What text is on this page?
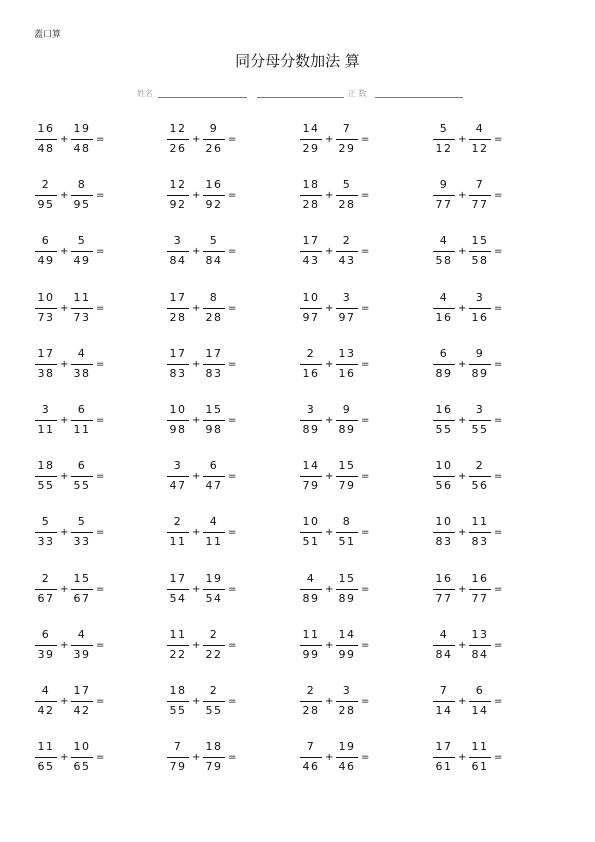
蓋口算
同分母分数加法 算
姓名	正 数
16
48
+
19
48
=
12
26
+
9
26
=
14
29
+
7
29
=
5
12
+
4
12
=
2
95
+
8
95
=
12
92
+
16
92
=
18
28
+
5
28
=
9
77
+
7
77
=
6
49
+
5
49
=
3
84
+
5
84
=
17
43
+
2
43
=
4
58
+
15
58
=
10
73
+
11
73
=
17
28
+
8
28
=
10
97
+
3
97
=
4
16
+
3
16
=
17
38
+
4
38
=
17
83
+
17
83
=
2
16
+
13
16
=
6
89
+
9
89
=
3
11
+
6
11
=
10
98
+
15
98
=
3
89
+
9
89
=
16
55
+
3
55
=
18
55
+
6
55
=
3
47
+
6
47
=
14
79
+
15
79
=
10
56
+
2
56
=
5
33
+
5
33
=
2
11
+
4
11
=
10
51
+
8
51
=
10
83
+
11
83
=
2
67
+
15
67
=
17
54
+
19
54
=
4
89
+
15
89
=
16
77
+
16
77
=
6
39
+
4
39
=
11
22
+
2
22
=
11
99
+
14
99
=
4
84
+
13
84
=
4
42
+
17
42
=
18
55
+
2
55
=
2
28
+
3
28
=
7
14
+
6
14
=
11
65
+
10
65
=
7
79
+
18
79
=
7
46
+
19
46
=
17
61
+
11
61
=
